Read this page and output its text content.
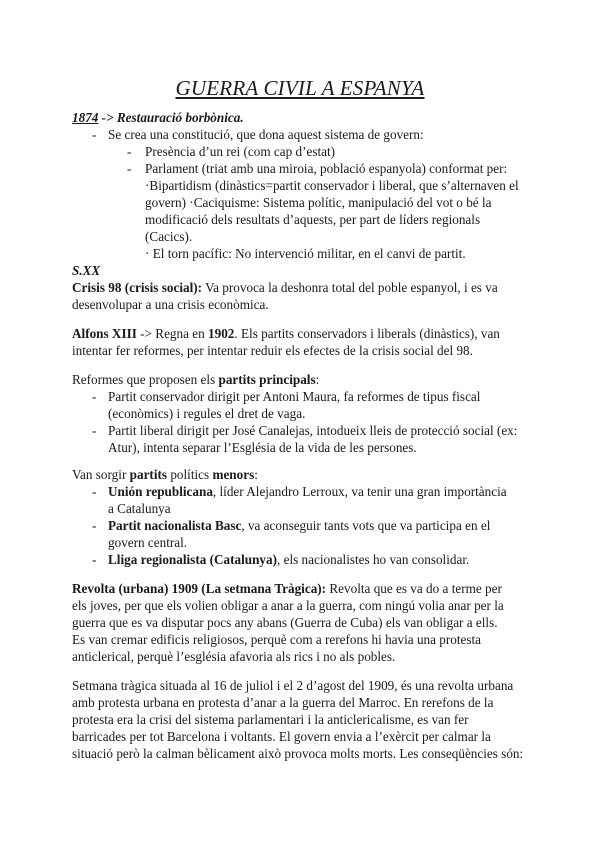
GUERRA CIVIL A ESPANYA
1874 -> Restauració borbònica.
- Se crea una constitució, que dona aquest sistema de govern:
- Presència d’un rei (com cap d’estat)
- Parlament (triat amb una miroia, població espanyola) conformat per:
·Bipartidism (dinàstics=partit conservador i liberal, que s’alternaven el
govern) ·Caciquisme: Sistema polític, manipulació del vot o bé la
modificació dels resultats d’aquests, per part de líders regionals
(Cacics).
· El torn pacífic: No intervenció militar, en el canvi de partit.
S.XX
Crisis 98 (crisis social): Va provoca la deshonra total del poble espanyol, i es va
desenvolupar a una crisis econòmica.
Alfons XIII -> Regna en 1902. Els partits conservadors i liberals (dinàstics), van
intentar fer reformes, per intentar reduir els efectes de la crisis social del 98.
Reformes que proposen els partits principals:
- Partit conservador dirigit per Antoni Maura, fa reformes de tipus fiscal
(econòmics) i regules el dret de vaga.
- Partit liberal dirigit per José Canalejas, intodueix lleis de protecció social (ex:
Atur), intenta separar l’Església de la vida de les persones.
Van sorgir partits polítics menors:
- Unión republicana, líder Alejandro Lerroux, va tenir una gran importància
a Catalunya
- Partit nacionalista Basc, va aconseguir tants vots que va participa en el
govern central.
- Lliga regionalista (Catalunya), els nacionalistes ho van consolidar.
Revolta (urbana) 1909 (La setmana Tràgica): Revolta que es va do a terme per
els joves, per que els volien obligar a anar a la guerra, com ningú volia anar per la
guerra que es va disputar pocs any abans (Guerra de Cuba) els van obligar a ells.
Es van cremar edificis religiosos, perquè com a rerefons hi havia una protesta
anticlerical, perquè l’església afavoria als rics i no als pobles.
Setmana tràgica situada al 16 de juliol i el 2 d’agost del 1909, és una revolta urbana
amb protesta urbana en protesta d’anar a la guerra del Marroc. En rerefons de la
protesta era la crisi del sistema parlamentari i la anticlericalisme, es van fer
barricades per tot Barcelona i voltants. El govern envia a l’exèrcit per calmar la
situació però la calman bèlicament això provoca molts morts. Les conseqüències són:
